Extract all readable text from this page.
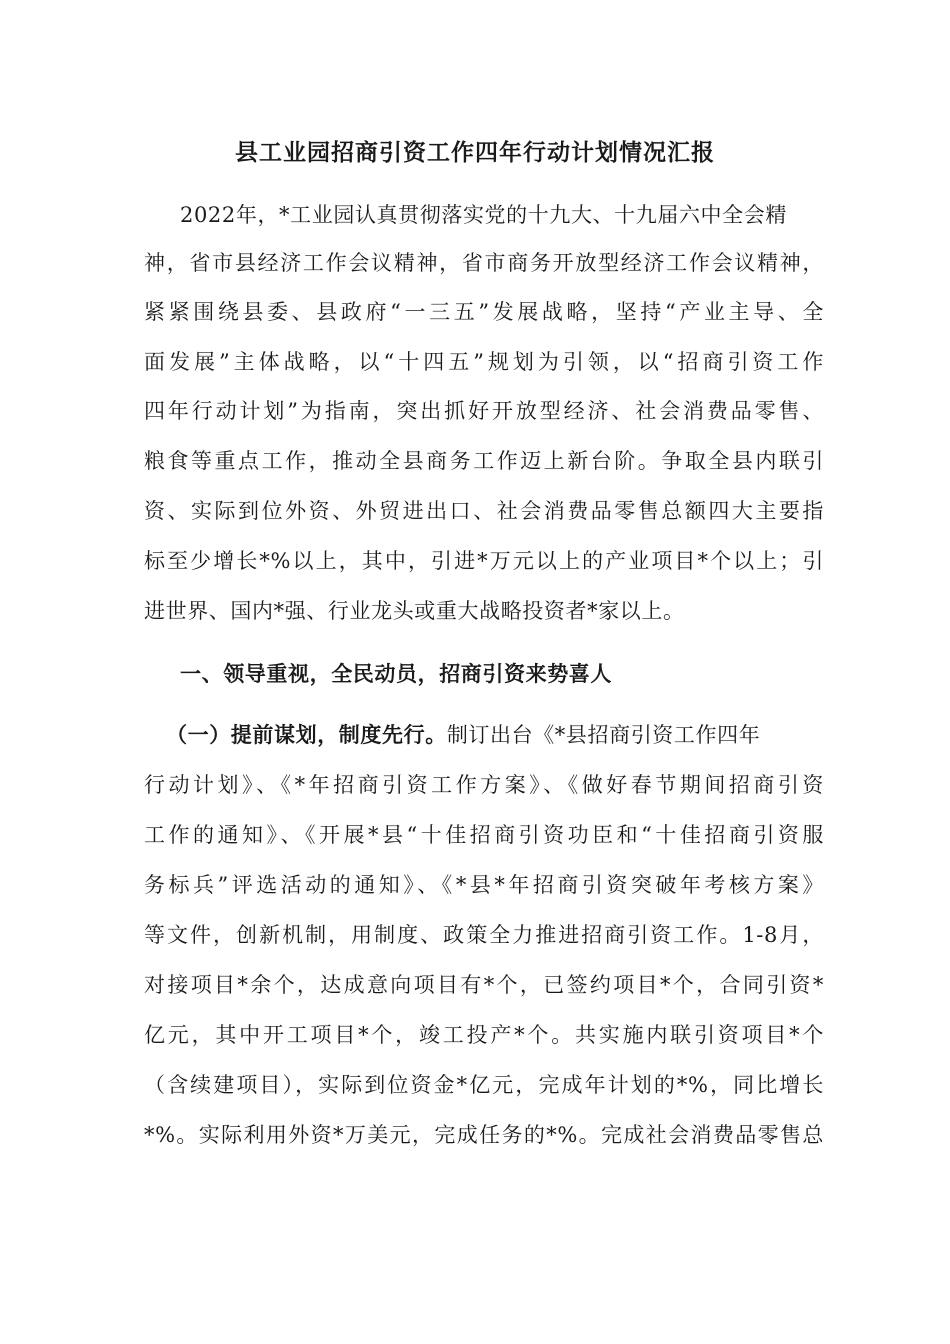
县工业园招商引资工作四年行动计划情况汇报
2022年，*工业园认真贯彻落实党的十九大、十九届六中全会精
神，省市县经济工作会议精神，省市商务开放型经济工作会议精神，
紧紧围绕县委、县政府“一三五”发展战略，坚持“产业主导、全
面发展”主体战略，以“十四五”规划为引领，以“招商引资工作
四年行动计划”为指南，突出抓好开放型经济、社会消费品零售、
粮食等重点工作，推动全县商务工作迈上新台阶。争取全县内联引
资、实际到位外资、外贸进出口、社会消费品零售总额四大主要指
标至少增长*%以上，其中，引进*万元以上的产业项目*个以上；引
进世界、国内*强、行业龙头或重大战略投资者*家以上。
一、领导重视，全民动员，招商引资来势喜人
（一）提前谋划，制度先行。制订出台《*县招商引资工作四年
行动计划》、《*年招商引资工作方案》、《做好春节期间招商引资
工作的通知》、《开展*县“十佳招商引资功臣和“十佳招商引资服
务标兵”评选活动的通知》、《*县*年招商引资突破年考核方案》
等文件，创新机制，用制度、政策全力推进招商引资工作。1-8月，
对接项目*余个，达成意向项目有*个，已签约项目*个，合同引资*
亿元，其中开工项目*个，竣工投产*个。共实施内联引资项目*个
（含续建项目），实际到位资金*亿元，完成年计划的*%，同比增长
*%。实际利用外资*万美元，完成任务的*%。完成社会消费品零售总
